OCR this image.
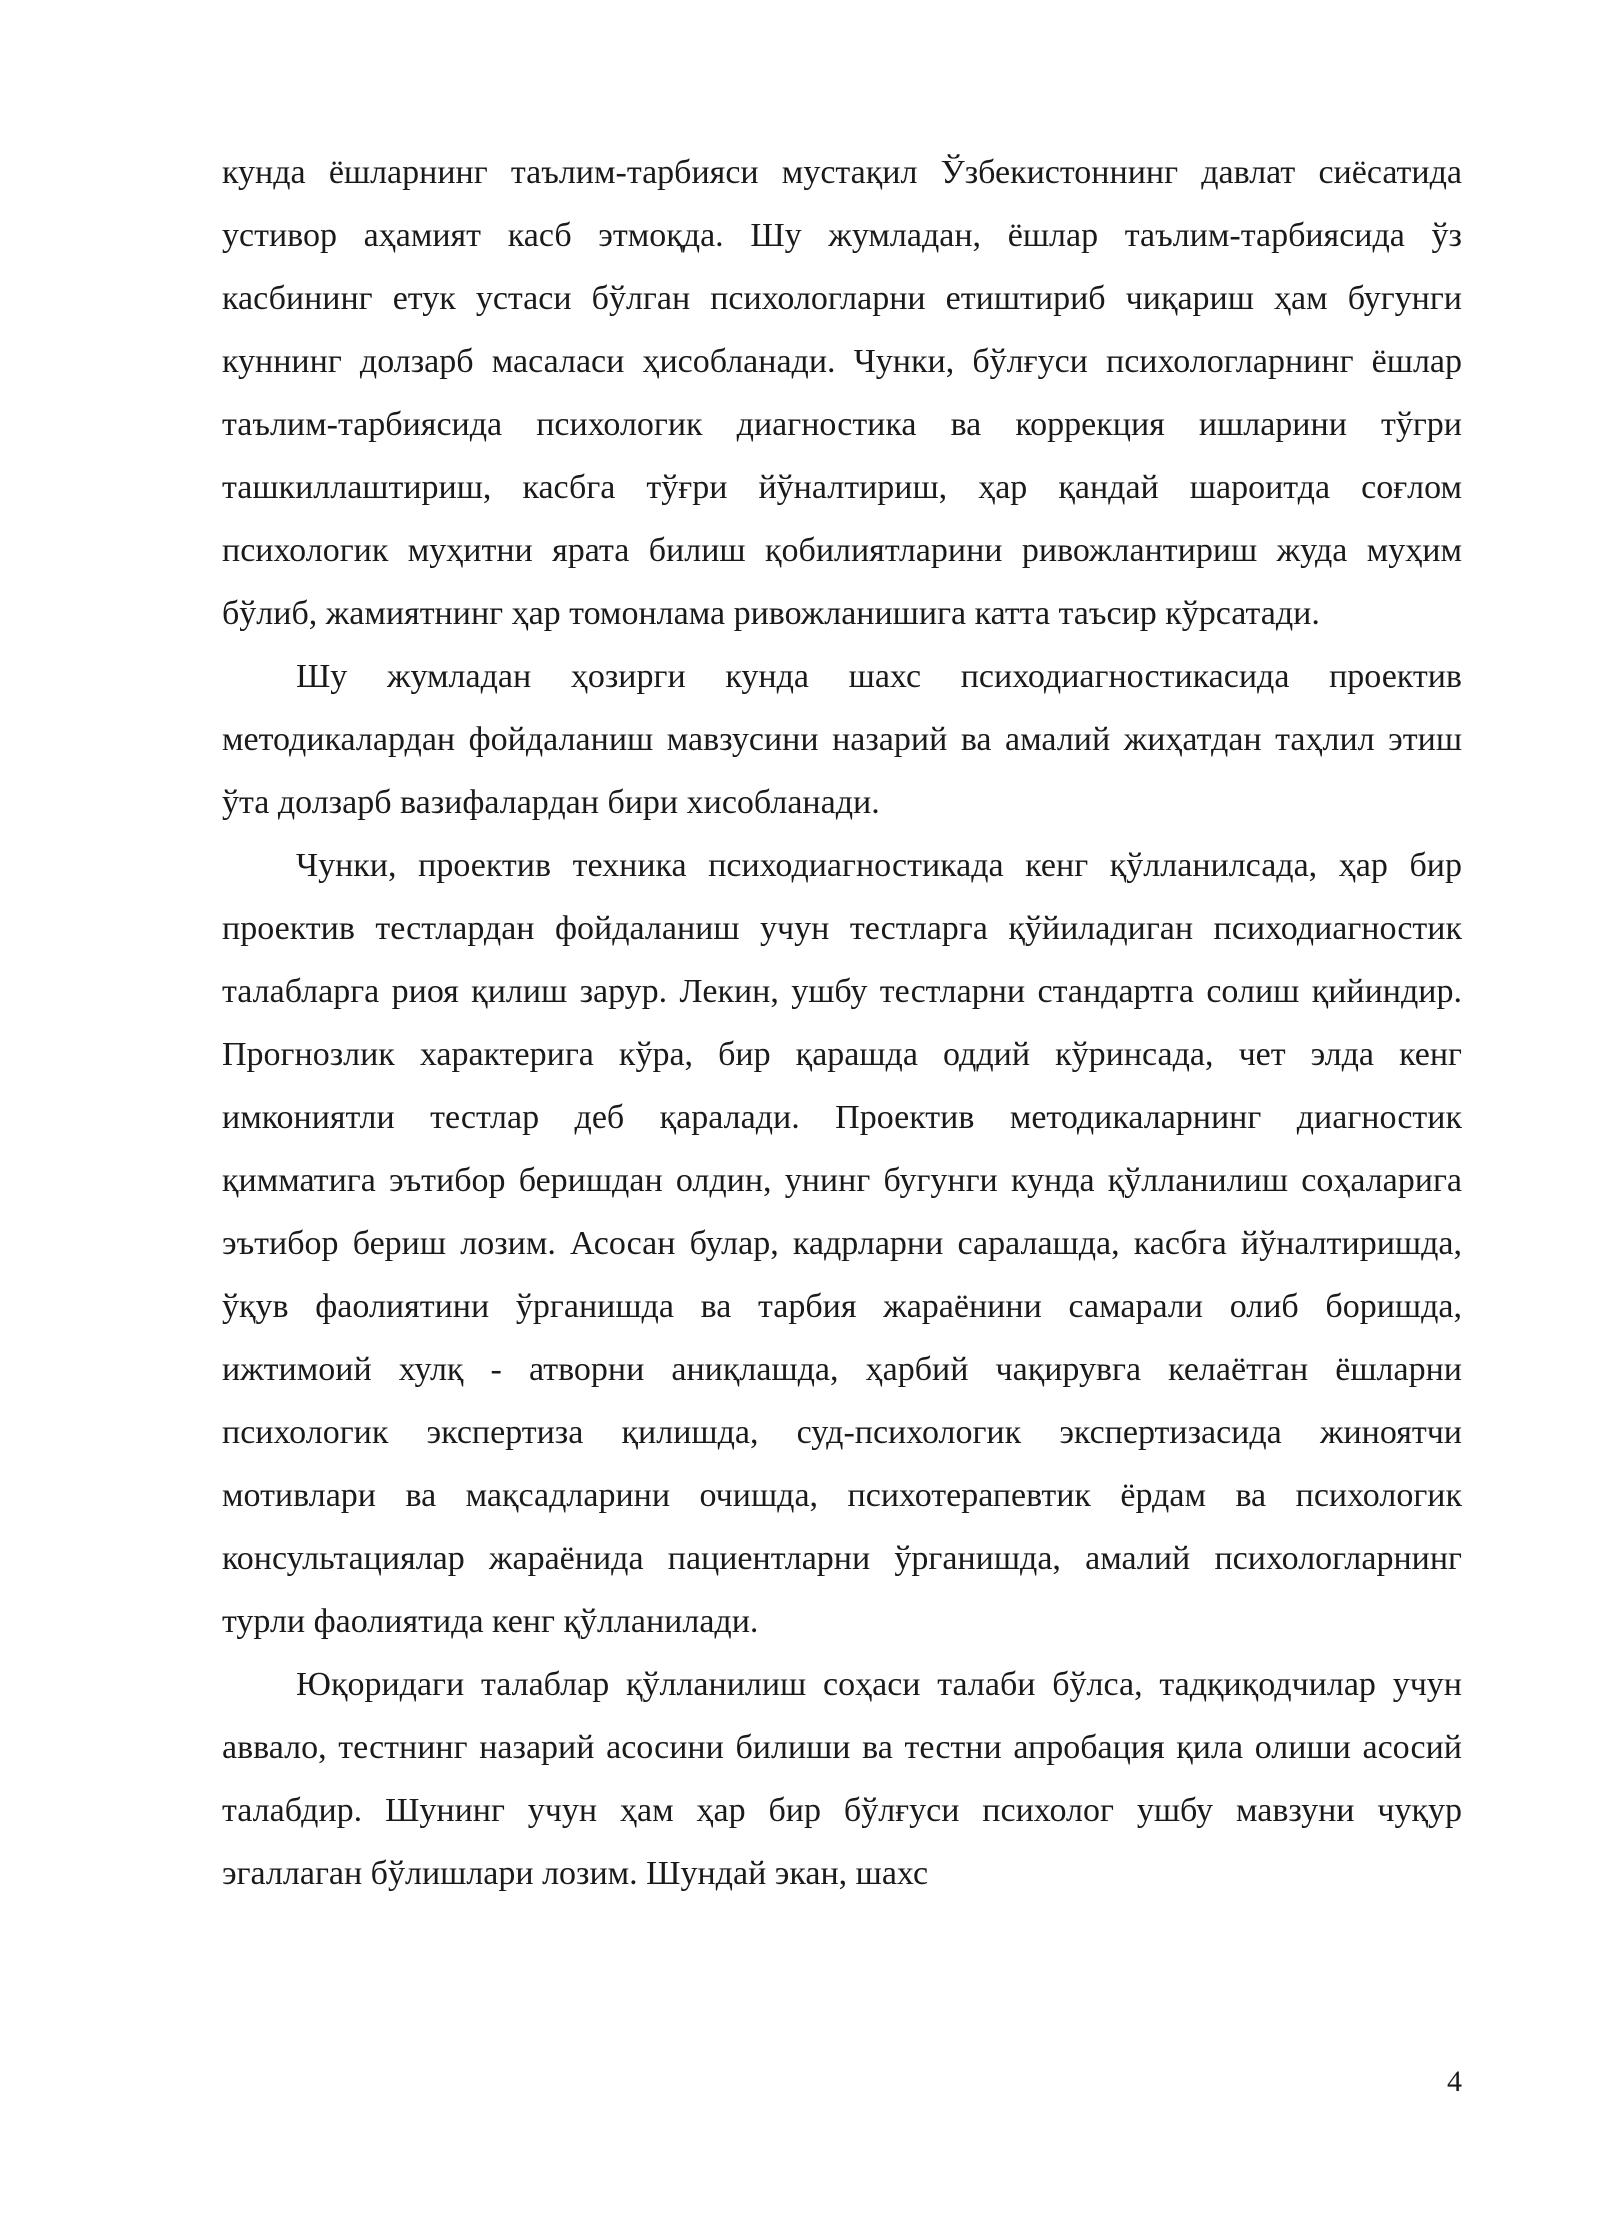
кунда ёшларнинг таълим-тарбияси мустақил Ўзбекистоннинг давлат сиёсатида устивор аҳамият касб этмоқда. Шу жумладан, ёшлар таълим-тарбиясида ўз касбининг етук устаси бўлган психологларни етиштириб чиқариш ҳам бугунги куннинг долзарб масаласи ҳисобланади. Чунки, бўлғуси психологларнинг ёшлар таълим-тарбиясида психологик диагностика ва коррекция ишларини тўгри ташкиллаштириш, касбга тўғри йўналтириш, ҳар қандай шароитда соғлом психологик муҳитни ярата билиш қобилиятларини ривожлантириш жуда муҳим бўлиб, жамиятнинг ҳар томонлама ривожланишига катта таъсир кўрсатади.

Шу жумладан ҳозирги кунда шахс психодиагностикасида проектив методикалардан фойдаланиш мавзусини назарий ва амалий жиҳатдан таҳлил этиш ўта долзарб вазифалардан бири хисобланади.

Чунки, проектив техника психодиагностикада кенг қўлланилсада, ҳар бир проектив тестлардан фойдаланиш учун тестларга қўйиладиган психодиагностик талабларга риоя қилиш зарур. Лекин, ушбу тестларни стандартга солиш қийиндир. Прогнозлик характерига кўра, бир қарашда оддий кўринсада, чет элда кенг имкониятли тестлар деб қаралади. Проектив методикаларнинг диагностик қимматига эътибор беришдан олдин, унинг бугунги кунда қўлланилиш соҳаларига эътибор бериш лозим. Асосан булар, кадрларни саралашда, касбга йўналтиришда, ўқув фаолиятини ўрганишда ва тарбия жараёнини самарали олиб боришда, ижтимоий хулқ - атворни аниқлашда, ҳарбий чақирувга келаётган ёшларни психологик экспертиза қилишда, суд-психологик экспертизасида жиноятчи мотивлари ва мақсадларини очишда, психотерапевтик ёрдам ва психологик консультациялар жараёнида пациентларни ўрганишда, амалий психологларнинг турли фаолиятида кенг қўлланилади.

Юқоридаги талаблар қўлланилиш соҳаси талаби бўлса, тадқиқодчилар учун аввало, тестнинг назарий асосини билиши ва тестни апробация қила олиши асосий талабдир. Шунинг учун ҳам ҳар бир бўлғуси психолог ушбу мавзуни чуқур эгаллаган бўлишлари лозим. Шундай экан, шахс

4
